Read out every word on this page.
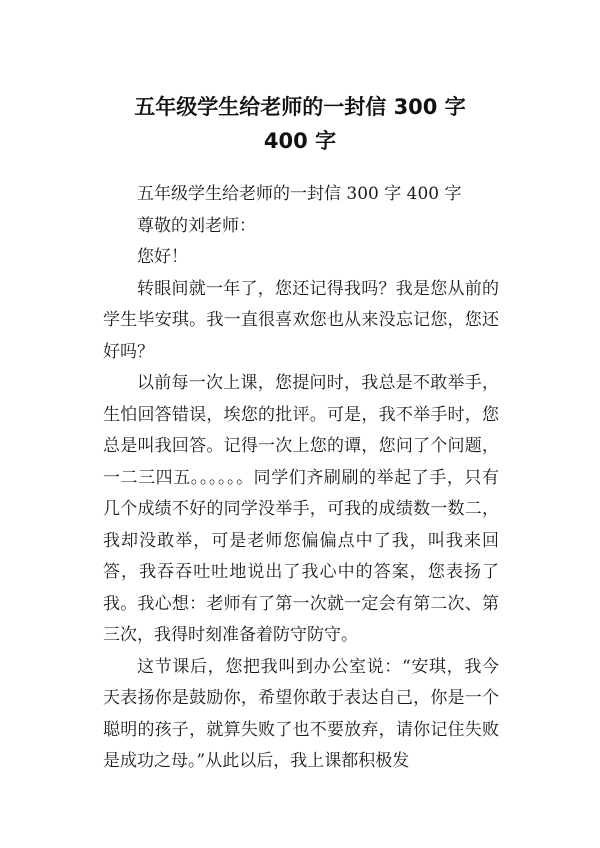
五年级学生给老师的一封信 300 字
400 字

五年级学生给老师的一封信 300 字 400 字

尊敬的刘老师：

您好！

转眼间就一年了，您还记得我吗？我是您从前的学生毕安琪。我一直很喜欢您也从来没忘记您，您还好吗？

以前每一次上课，您提问时，我总是不敢举手，生怕回答错误，埃您的批评。可是，我不举手时，您总是叫我回答。记得一次上您的谭，您问了个问题，一二三四五。。。。。。同学们齐刷刷的举起了手，只有几个成绩不好的同学没举手，可我的成绩数一数二，我却没敢举，可是老师您偏偏点中了我，叫我来回答，我吞吞吐吐地说出了我心中的答案，您表扬了我。我心想：老师有了第一次就一定会有第二次、第三次，我得时刻准备着防守防守。

这节课后，您把我叫到办公室说：“安琪，我今天表扬你是鼓励你，希望你敢于表达自己，你是一个聪明的孩子，就算失败了也不要放弃，请你记住失败是成功之母。”从此以后，我上课都积极发
